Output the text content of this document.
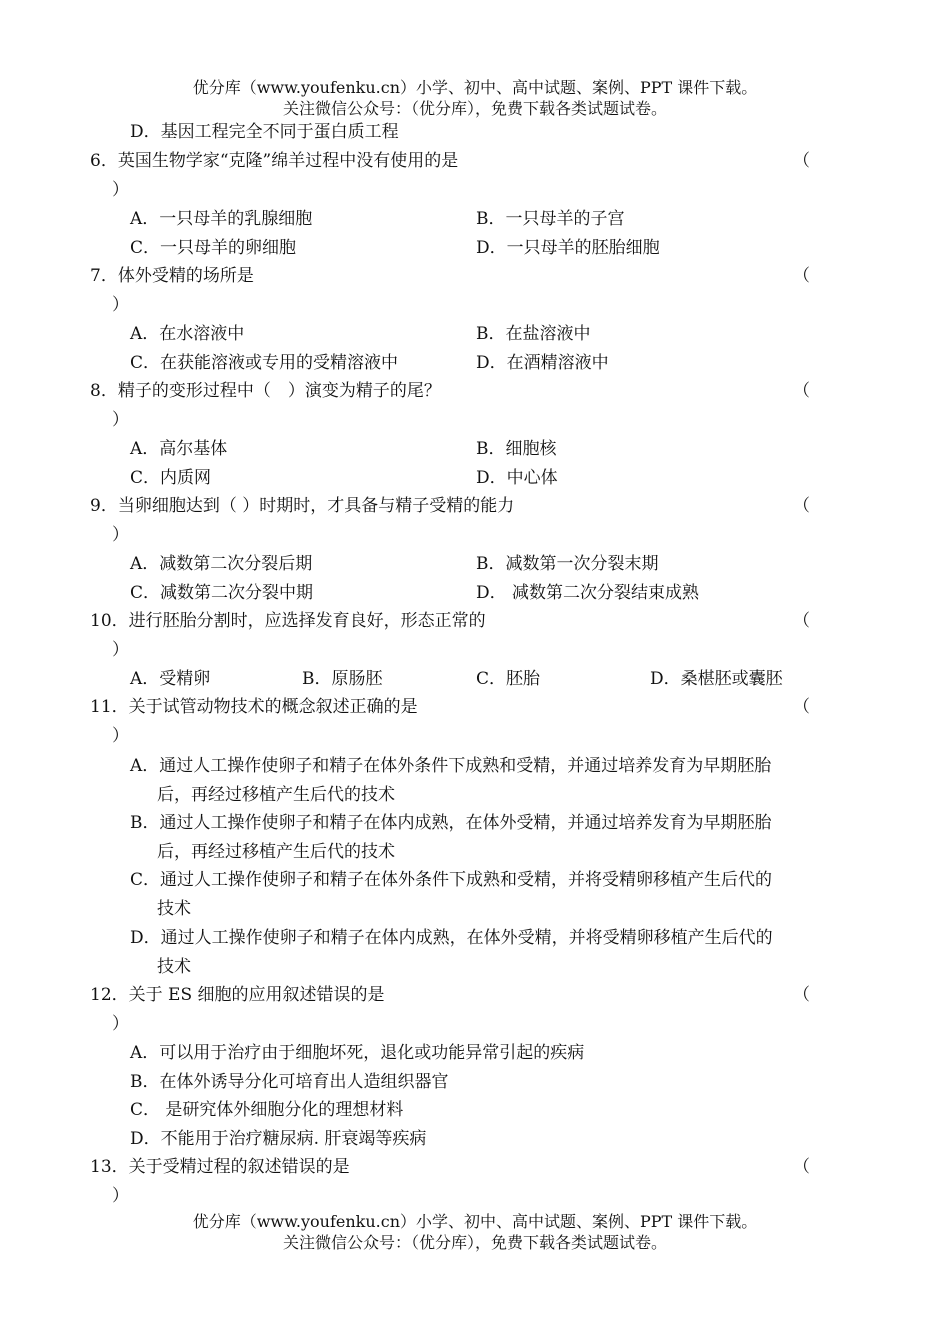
优分库（www.youfenku.cn）小学、初中、高中试题、案例、PPT 课件下载。
关注微信公众号：（优分库），免费下载各类试题试卷。
D．基因工程完全不同于蛋白质工程
6．英国生物学家“克隆”绵羊过程中没有使用的是	（
）
A．一只母羊的乳腺细胞	B．一只母羊的子宫
C．一只母羊的卵细胞	D．一只母羊的胚胎细胞
7．体外受精的场所是	（
）
A．在水溶液中	B．在盐溶液中
C．在获能溶液或专用的受精溶液中	D．在酒精溶液中
8．精子的变形过程中（　）演变为精子的尾？	（
）
A．高尔基体	B．细胞核
C．内质网	D．中心体
9．当卵细胞达到（ ）时期时，才具备与精子受精的能力	（
）
A．减数第二次分裂后期	B．减数第一次分裂末期
C．减数第二次分裂中期	D． 减数第二次分裂结束成熟
10．进行胚胎分割时，应选择发育良好，形态正常的	（
）
A．受精卵	B．原肠胚	C．胚胎	D．桑椹胚或囊胚
11．关于试管动物技术的概念叙述正确的是	（
）
A．通过人工操作使卵子和精子在体外条件下成熟和受精，并通过培养发育为早期胚胎
后，再经过移植产生后代的技术
B．通过人工操作使卵子和精子在体内成熟，在体外受精，并通过培养发育为早期胚胎
后，再经过移植产生后代的技术
C．通过人工操作使卵子和精子在体外条件下成熟和受精，并将受精卵移植产生后代的
技术
D．通过人工操作使卵子和精子在体内成熟，在体外受精，并将受精卵移植产生后代的
技术
12．关于 ES 细胞的应用叙述错误的是	（
）
A．可以用于治疗由于细胞坏死，退化或功能异常引起的疾病
B．在体外诱导分化可培育出人造组织器官
C． 是研究体外细胞分化的理想材料
D．不能用于治疗糖尿病. 肝衰竭等疾病
13．关于受精过程的叙述错误的是	（
）
优分库（www.youfenku.cn）小学、初中、高中试题、案例、PPT 课件下载。
关注微信公众号：（优分库），免费下载各类试题试卷。
